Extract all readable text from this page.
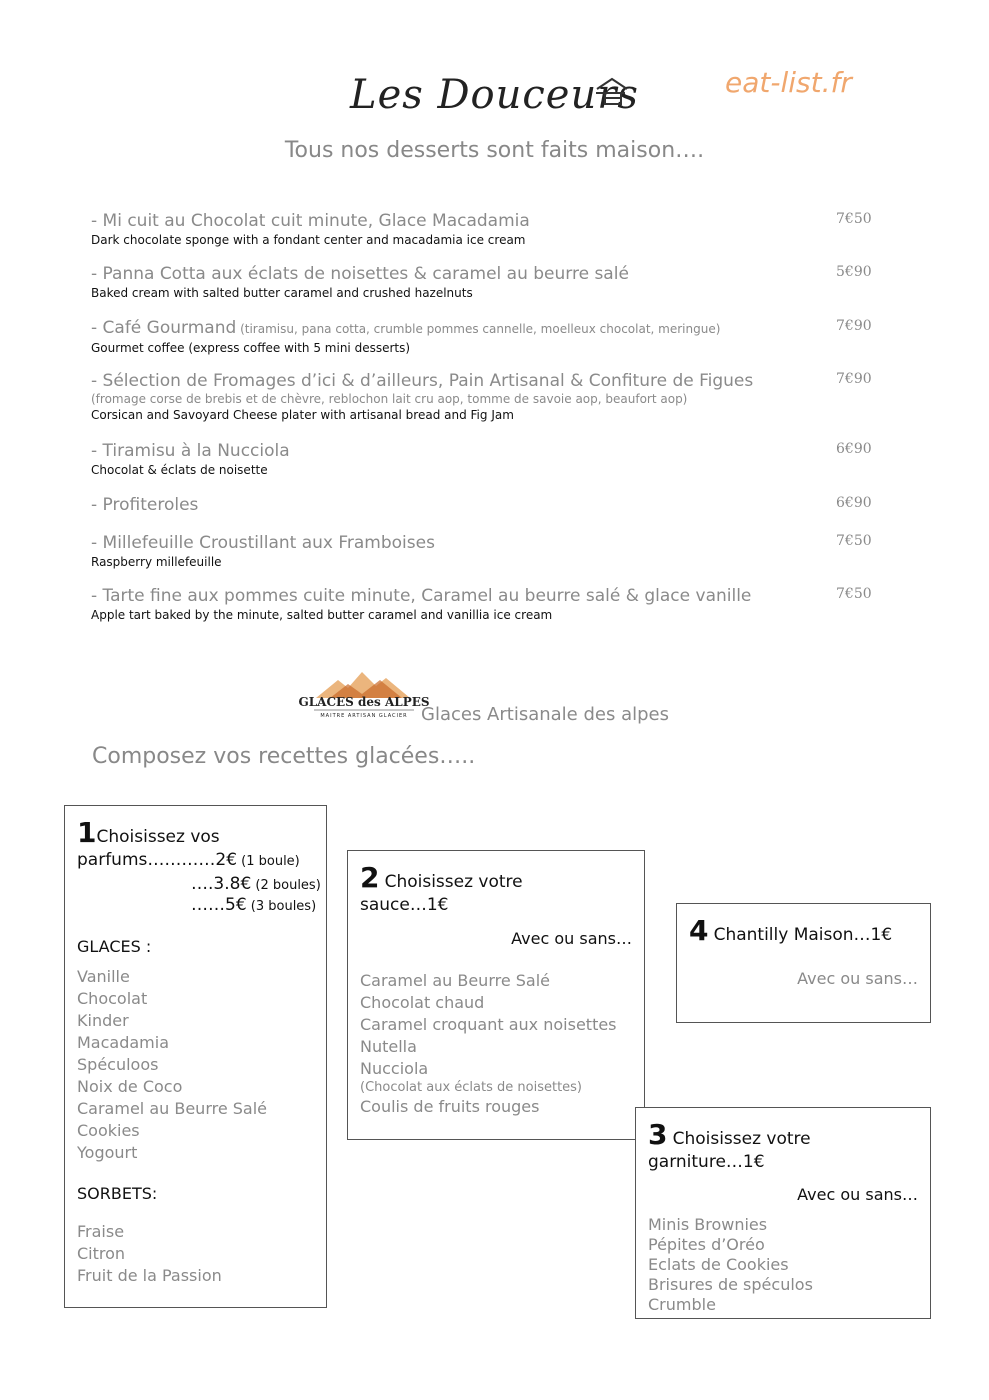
Les Douceurs	eat-list.fr
Tous nos desserts sont faits maison….
- Mi cuit au Chocolat cuit minute, Glace Macadamia
Dark chocolate sponge with a fondant center and macadamia ice cream
7€50
- Panna Cotta aux éclats de noisettes & caramel au beurre salé
Baked cream with salted butter caramel and crushed hazelnuts
5€90
- Café Gourmand (tiramisu, pana cotta, crumble pommes cannelle, moelleux chocolat, meringue)
Gourmet coffee (express coffee with 5 mini desserts)
7€90
- Sélection de Fromages d’ici & d’ailleurs, Pain Artisanal & Confiture de Figues
(fromage corse de brebis et de chèvre, reblochon lait cru aop, tomme de savoie aop, beaufort aop)
Corsican and Savoyard Cheese plater with artisanal bread and Fig Jam
7€90
- Tiramisu à la Nucciola
Chocolat & éclats de noisette
6€90
- Profiteroles	6€90
- Millefeuille Croustillant aux Framboises
Raspberry millefeuille
7€50
- Tarte fine aux pommes cuite minute, Caramel au beurre salé & glace vanille
Apple tart baked by the minute, salted butter caramel and vanillia ice cream
7€50
GLACES des ALPES
MAITRE ARTISAN GLACIER Glaces Artisanale des alpes
Composez vos recettes glacées…..
1Choisissez vos
parfums…………2€ (1 boule)
….3.8€ (2 boules)
……5€ (3 boules)
GLACES :
Vanille
Chocolat
Kinder
Macadamia
Spéculoos
Noix de Coco
Caramel au Beurre Salé
Cookies
Yogourt
SORBETS:
Fraise
Citron
Fruit de la Passion
2 Choisissez votre
sauce…1€
Avec ou sans…
Caramel au Beurre Salé
Chocolat chaud
Caramel croquant aux noisettes
Nutella
Nucciola
(Chocolat aux éclats de noisettes)
Coulis de fruits rouges
4 Chantilly Maison…1€
Avec ou sans…
3 Choisissez votre
garniture…1€
Avec ou sans…
Minis Brownies
Pépites d’Oréo
Eclats de Cookies
Brisures de spéculos
Crumble
